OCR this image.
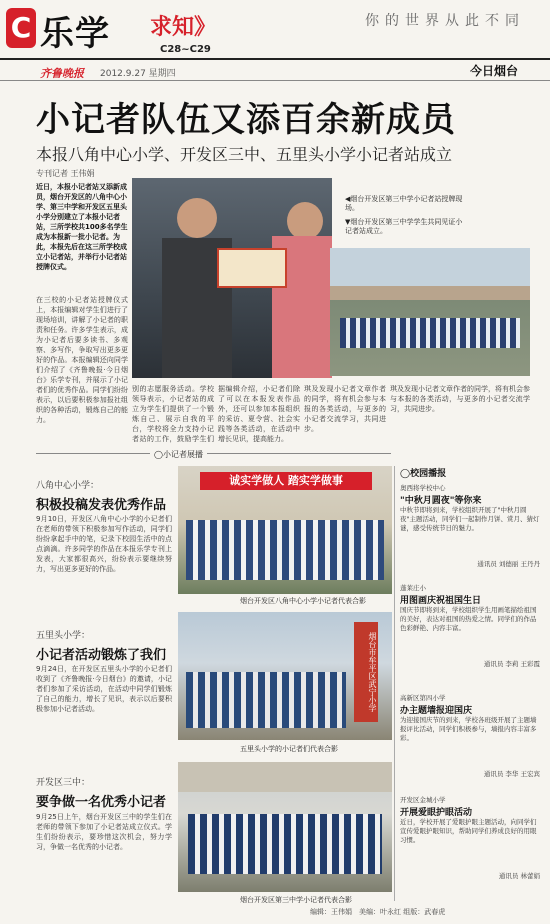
C 乐学 求知》
C28~C29
你的世界从此不同
齐鲁晚报 2012.9.27 星期四	今日烟台
小记者队伍又添百余新成员
本报八角中心小学、开发区三中、五里头小学小记者站成立
专刊记者 王伟娟
近日，本报小记者站又添新成员，烟台开发区的八角中心小学、第三中学和开发区五里头小学分别建立了本报小记者站，三所学校共100多名学生成为本报新一批小记者。为此，本报先后在这三所学校成立小记者站，并举行小记者站授牌仪式。
在三校的小记者站授牌仪式上，本报编辑对学生们进行了现场培训，讲解了小记者的职责和任务。许多学生表示，成为小记者后要多读书、多观察、多写作，争取写出更多更好的作品。本报编辑还向同学们介绍了《齐鲁晚报·今日烟台》乐学专刊，并展示了小记者们的优秀作品。同学们纷纷表示，以后要积极参加报社组织的各种活动，锻炼自己的能力。
◀烟台开发区第三中学小记者站授牌现场。
▼烟台开发区第三中学学生共同见证小记者站成立。
别的志愿服务活动。学校领导表示，小记者站的成立为学生们提供了一个锻炼自己、展示自我的平台，学校将全力支持小记者站的工作，鼓励学生们
据编辑介绍，小记者们除了可以在本报发表作品外，还可以参加本报组织的采访、夏令营、社会实践等各类活动，在活动中增长见识，提高能力。
琪及发现小记者文章作者的同学，将有机会参与本报的各类活动，与更多的小记者交流学习，共同进步。
琪及发现小记者文章作者的同学，将有机会参与本报的各类活动，与更多的小记者交流学习，共同进步。
◯小记者展播
八角中心小学：
积极投稿发表优秀作品
9月10日，开发区八角中心小学的小记者们在老师的带领下积极参加写作活动，同学们纷纷拿起手中的笔，记录下校园生活中的点点滴滴。许多同学的作品在本报乐学专刊上发表，大家都很高兴，纷纷表示要继续努力，写出更多更好的作品。
诚实学做人 踏实学做事
烟台开发区八角中心小学小记者代表合影
五里头小学：
小记者活动锻炼了我们
9月24日，在开发区五里头小学的小记者们收到了《齐鲁晚报·今日烟台》的邀请，小记者们参加了采访活动，在活动中同学们锻炼了自己的能力，增长了见识，表示以后要积极参加小记者活动。	烟台市牟平区武宁小学
五里头小学的小记者们代表合影
开发区三中：
要争做一名优秀小记者
9月25日上午，烟台开发区三中的学生们在老师的带领下参加了小记者站成立仪式。学生们纷纷表示，要珍惜这次机会，努力学习，争做一名优秀的小记者。
烟台开发区第三中学小记者代表合影
◯校园播报
奥西将学校中心
"中秋月圆夜"等你来
中秋节即将到来，学校组织开展了"中秋月圆夜"主题活动，同学们一起制作月饼、赏月、猜灯谜，感受传统节日的魅力。
通讯员 刘德丽 王丹丹
蓬莱庄小
用图画庆祝祖国生日
国庆节即将到来，学校组织学生用画笔描绘祖国的美好，表达对祖国的热爱之情。同学们的作品色彩鲜艳、内容丰富。
通讯员 李莉 王彩霞
高新区第四小学
办主题墙报迎国庆
为迎接国庆节的到来，学校各班级开展了主题墙报评比活动，同学们积极参与，墙报内容丰富多彩。
通讯员 李华 王宏宾
开发区金城小学
开展爱眼护眼活动
近日，学校开展了爱眼护眼主题活动，向同学们宣传爱眼护眼知识，帮助同学们养成良好的用眼习惯。
通讯员 林蕾娟
编辑：王伟娟　美编：叶永红 组版：武春虎
